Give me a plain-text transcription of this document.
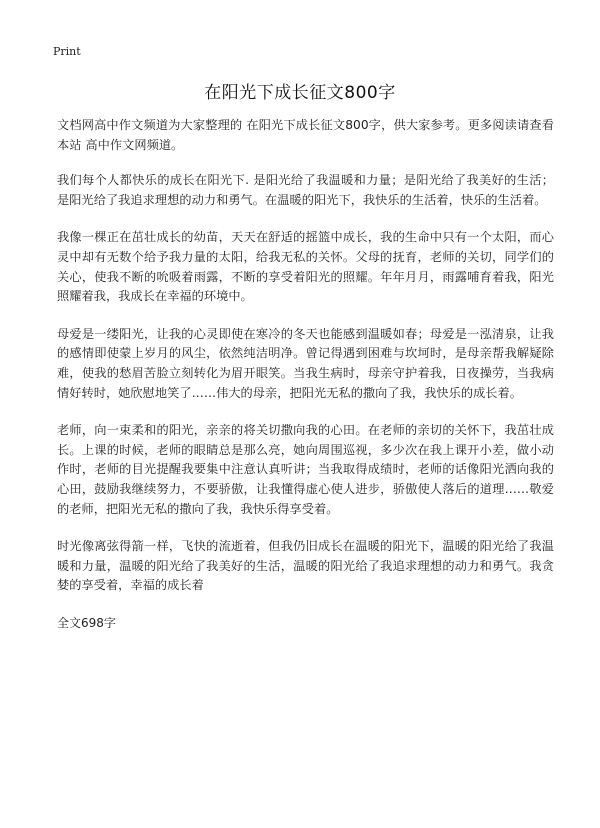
Print
在阳光下成长征文800字

文档网高中作文频道为大家整理的 在阳光下成长征文800字，供大家参考。更多阅读请查看本站 高中作文网频道。

我们每个人都快乐的成长在阳光下. 是阳光给了我温暖和力量；是阳光给了我美好的生活；是阳光给了我追求理想的动力和勇气。在温暖的阳光下，我快乐的生活着，快乐的生活着。

我像一棵正在茁壮成长的幼苗，天天在舒适的摇篮中成长，我的生命中只有一个太阳，而心灵中却有无数个给予我力量的太阳，给我无私的关怀。父母的抚育，老师的关切，同学们的关心，使我不断的吮吸着雨露，不断的享受着阳光的照耀。年年月月，雨露哺育着我，阳光照耀着我，我成长在幸福的环境中。

母爱是一缕阳光，让我的心灵即使在寒冷的冬天也能感到温暖如春；母爱是一泓清泉，让我的感情即使蒙上岁月的风尘，依然纯洁明净。曾记得遇到困难与坎坷时，是母亲帮我解疑除难，使我的愁眉苦脸立刻转化为眉开眼笑。当我生病时，母亲守护着我，日夜操劳，当我病情好转时，她欣慰地笑了……伟大的母亲，把阳光无私的撒向了我，我快乐的成长着。

老师，向一束柔和的阳光，亲亲的将关切撒向我的心田。在老师的亲切的关怀下，我茁壮成长。上课的时候，老师的眼睛总是那么亮，她向周围巡视，多少次在我上课开小差，做小动作时，老师的目光提醒我要集中注意认真听讲；当我取得成绩时，老师的话像阳光洒向我的心田，鼓励我继续努力，不要骄傲，让我懂得虚心使人进步，骄傲使人落后的道理……敬爱的老师，把阳光无私的撒向了我，我快乐得享受着。

时光像离弦得箭一样，飞快的流逝着，但我仍旧成长在温暖的阳光下，温暖的阳光给了我温暖和力量，温暖的阳光给了我美好的生活，温暖的阳光给了我追求理想的动力和勇气。我贪婪的享受着，幸福的成长着

全文698字
